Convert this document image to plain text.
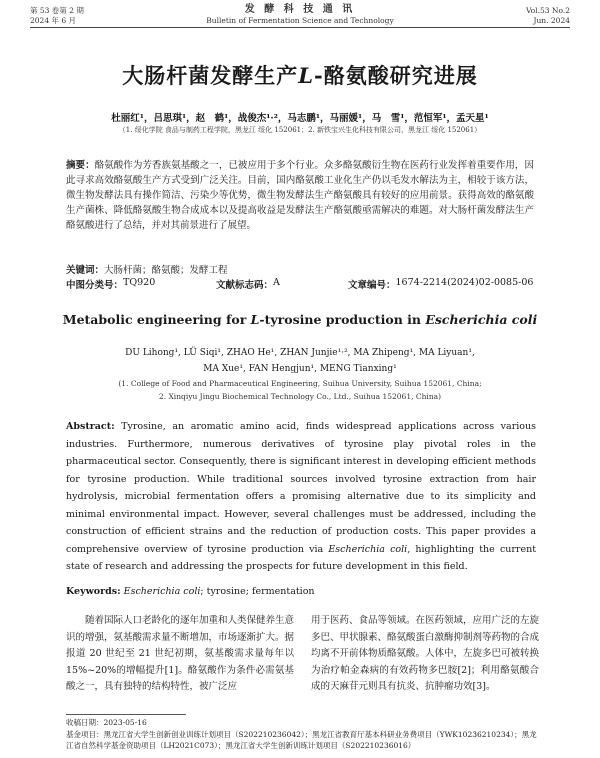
第 53 卷第 2 期
2024 年 6 月
发 酵 科 技 通 讯
Bulletin of Fermentation Science and Technology
Vol.53 No.2
Jun. 2024
大肠杆菌发酵生产L-酪氨酸研究进展
杜丽红¹，吕思琪¹，赵　鹤¹，战俊杰¹·²，马志鹏¹，马丽媛¹，马　雪¹，范恒军¹，孟天星¹
（1. 绥化学院 食品与制药工程学院，黑龙江 绥化 152061；2. 新铁宝兴生化科技有限公司，黑龙江 绥化 152061）
摘要：酪氨酸作为芳香族氨基酸之一，已被应用于多个行业。众多酪氨酸衍生物在医药行业发挥着重要作用，因此寻求高效酪氨酸生产方式受到广泛关注。目前，国内酪氨酸工业化生产仍以毛发水解法为主，相较于该方法，微生物发酵法具有操作简洁、污染少等优势，微生物发酵法生产酪氨酸具有较好的应用前景。获得高效的酪氨酸生产菌株、降低酪氨酸生物合成成本以及提高收益是发酵法生产酪氨酸亟需解决的难题。对大肠杆菌发酵法生产酪氨酸进行了总结，并对其前景进行了展望。
关键词：大肠杆菌；酪氨酸；发酵工程
中图分类号： TQ920	文献标志码： A	文章编号： 1674-2214(2024)02-0085-06
Metabolic engineering for L-tyrosine production in Escherichia coli
DU Lihong¹, LÜ Siqi¹, ZHAO He¹, ZHAN Junjie¹·², MA Zhipeng¹, MA Liyuan¹,
MA Xue¹, FAN Hengjun¹, MENG Tianxing¹
(1. College of Food and Pharmaceutical Engineering, Suihua University, Suihua 152061, China;
2. Xinqiyu Jingu Biochemical Technology Co., Ltd., Suihua 152061, China)
Abstract: Tyrosine, an aromatic amino acid, finds widespread applications across various industries. Furthermore, numerous derivatives of tyrosine play pivotal roles in the pharmaceutical sector. Consequently, there is significant interest in developing efficient methods for tyrosine production. While traditional sources involved tyrosine extraction from hair hydrolysis, microbial fermentation offers a promising alternative due to its simplicity and minimal environmental impact. However, several challenges must be addressed, including the construction of efficient strains and the reduction of production costs. This paper provides a comprehensive overview of tyrosine production via Escherichia coli, highlighting the current state of research and addressing the prospects for future development in this field.
Keywords: Escherichia coli; tyrosine; fermentation
随着国际人口老龄化的逐年加重和人类保健养生意识的增强，氨基酸需求量不断增加，市场逐渐扩大。据报道 20 世纪至 21 世纪初期，氨基酸需求量每年以 15%~20%的增幅提升[1]。酪氨酸作为条件必需氨基酸之一，具有独特的结构特性，被广泛应
用于医药、食品等领域。在医药领域，应用广泛的左旋多巴、甲状腺素、酪氨酸蛋白激酶抑制剂等药物的合成均离不开前体物质酪氨酸。人体中，左旋多巴可被转换为治疗帕金森病的有效药物多巴胺[2]；利用酪氨酸合成的天麻苷元则具有抗炎、抗肿瘤功效[3]。
收稿日期：2023-05-16
基金项目：黑龙江省大学生创新创业训练计划项目（S202210236042）；黑龙江省教育厅基本科研业务费项目（YWK10236210234）；黑龙江省自然科学基金资助项目（LH2021C073）；黑龙江省大学生创新训练计划项目（S202210236016）
